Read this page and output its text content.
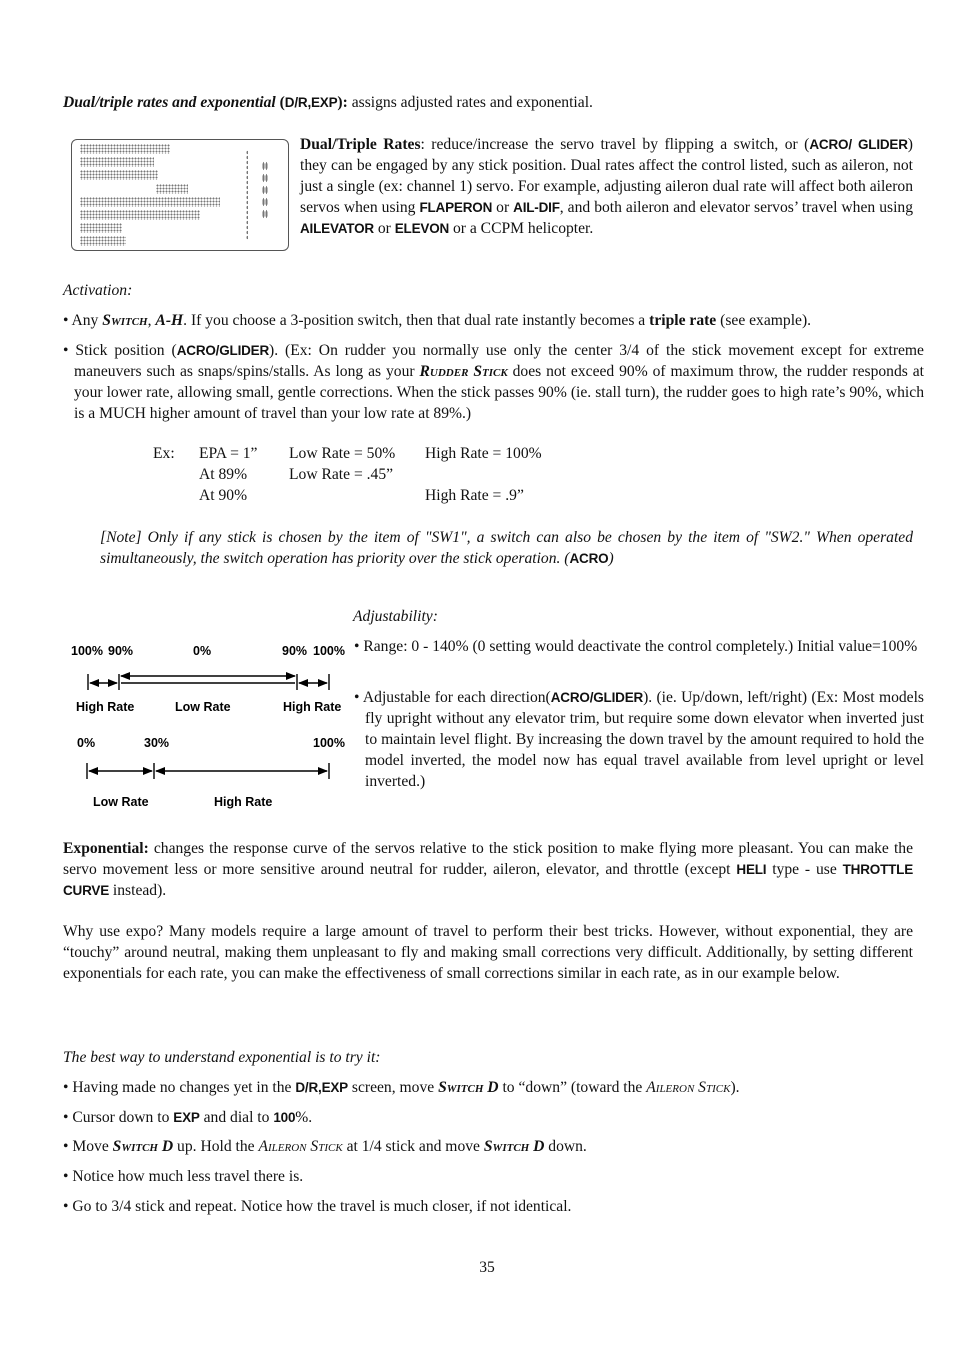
Dual/triple rates and exponential (D/R,EXP): assigns adjusted rates and exponential.
Dual/Triple Rates: reduce/increase the servo travel by flipping a switch, or (ACRO/ GLIDER) they can be engaged by any stick position. Dual rates affect the control listed, such as aileron, not just a single (ex: channel 1) servo. For example, adjusting aileron dual rate will affect both aileron servos when using FLAPERON or AIL-DIF, and both aileron and elevator servos’ travel when using AILEVATOR or ELEVON or a CCPM helicopter.
Activation:
• Any Switch, A-H. If you choose a 3-position switch, then that dual rate instantly becomes a triple rate (see example).
• Stick position (ACRO/GLIDER). (Ex: On rudder you normally use only the center 3/4 of the stick movement except for extreme maneuvers such as snaps/spins/stalls. As long as your Rudder Stick does not exceed 90% of maximum throw, the rudder responds at your lower rate, allowing small, gentle corrections. When the stick passes 90% (ie. stall turn), the rudder goes to high rate’s 90%, which is a MUCH higher amount of travel than your low rate at 89%.)
Ex:	EPA = 1”	Low Rate = 50%	High Rate = 100%
	At 89%	Low Rate = .45”	
	At 90%		High Rate = .9”
[Note] Only if any stick is chosen by the item of "SW1", a switch can also be chosen by the item of "SW2." When operated simultaneously, the switch operation has priority over the stick operation. (ACRO)
100% 90%	0%	90% 100%
High Rate	Low Rate	High Rate
0%	30%	100%
Low Rate	High Rate
Adjustability:
• Range: 0 - 140% (0 setting would deactivate the control completely.) Initial value=100%
• Adjustable for each direction(ACRO/GLIDER). (ie. Up/down, left/right) (Ex: Most models fly upright without any elevator trim, but require some down elevator when inverted just to maintain level flight. By increasing the down travel by the amount required to hold the model inverted, the model now has equal travel available from level upright or level inverted.)
Exponential: changes the response curve of the servos relative to the stick position to make flying more pleasant. You can make the servo movement less or more sensitive around neutral for rudder, aileron, elevator, and throttle (except HELI type - use THROTTLE CURVE instead).
Why use expo? Many models require a large amount of travel to perform their best tricks. However, without exponential, they are “touchy” around neutral, making them unpleasant to fly and making small corrections very difficult. Additionally, by setting different exponentials for each rate, you can make the effectiveness of small corrections similar in each rate, as in our example below.
The best way to understand exponential is to try it:
• Having made no changes yet in the D/R,EXP screen, move Switch D to “down” (toward the Aileron Stick).
• Cursor down to EXP and dial to 100%.
• Move Switch D up. Hold the Aileron Stick at 1/4 stick and move Switch D down.
• Notice how much less travel there is.
• Go to 3/4 stick and repeat. Notice how the travel is much closer, if not identical.
35
